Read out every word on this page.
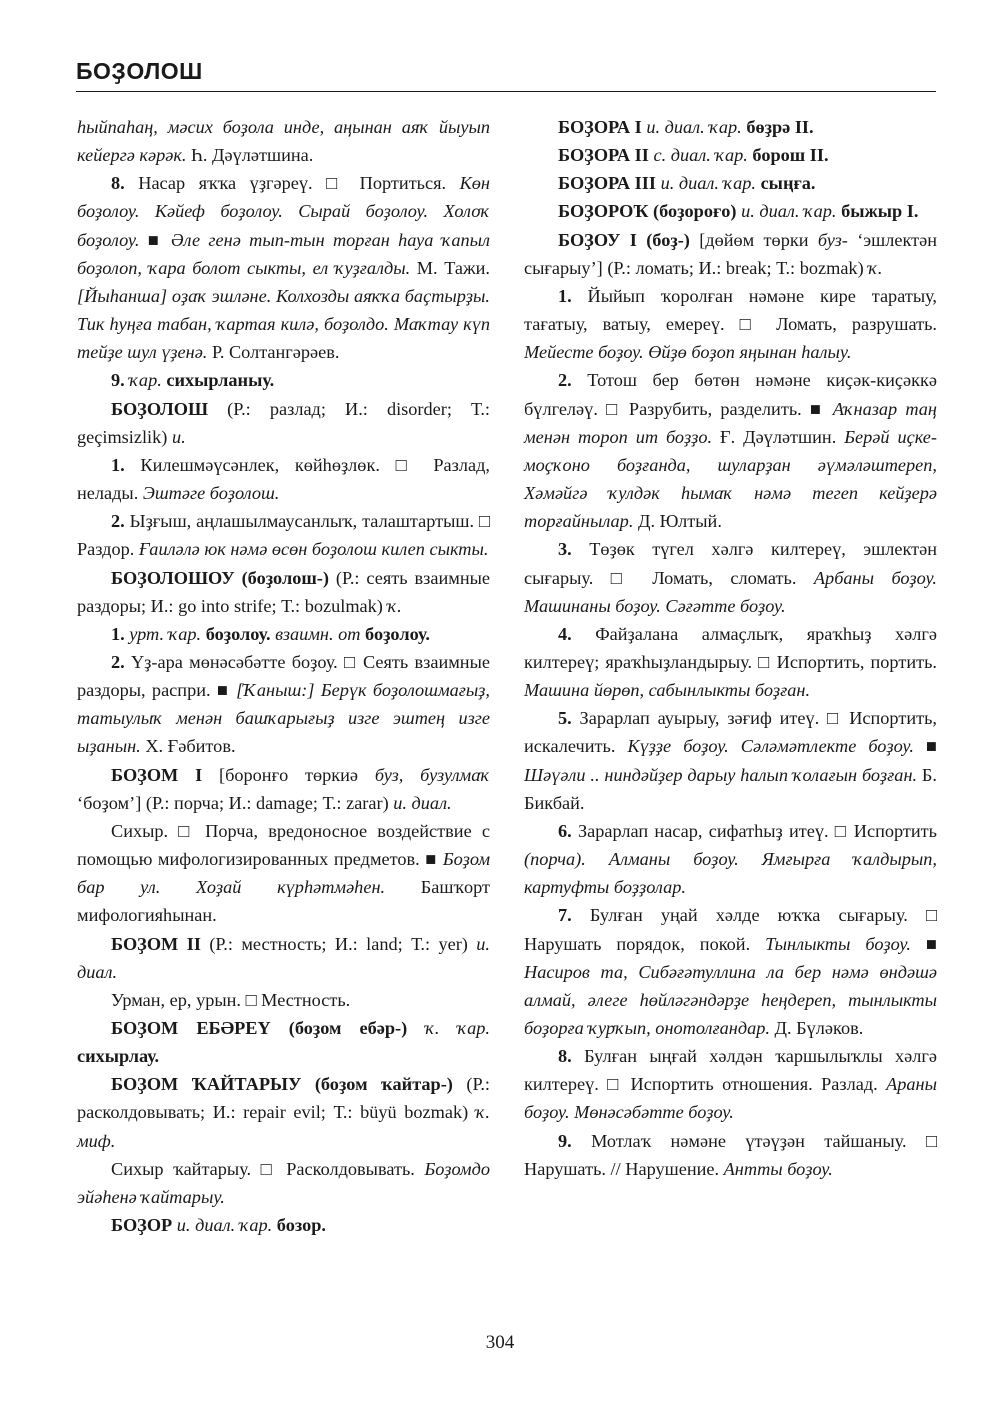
БОҘОЛОШ

һыйпаһаң, мәсих боҙола инде, аңынан аяҡ йыуып кейергә кәрәк. Һ. Дәүләтшина.

8. Насар яҡҡа үҙгәреү. □ Портиться. Көн боҙолоу. Кәйеф боҙолоу. Сырай боҙолоу. Холоҡ боҙолоу. ■ Әле генә тып-тын торған һауа ҡапыл боҙолоп, ҡара болот сыкты, ел ҡуҙғалды. М. Тажи. [Йыһанша] оҙаҡ эшләне. Колхозды аяҡҡа баҫтырҙы. Тик һуңға табан, ҡартая килә, боҙолдо. Маҡтау күп тейҙе шул үҙенә. Р. Солтангәрәев.

9. ҡар. сихырланыу.

БОҘОЛОШ (Р.: разлад; И.: disorder; Т.: geçimsizlik) и.

1. Килешмәүсәнлек, көйһөҙлөк. □ Разлад, нелады. Эштәге боҙолош.

2. Ыҙғыш, аңлашылмаусанлыҡ, талаштартыш. □ Раздор. Ғаиләлә юк нәмә өсөн боҙолош килеп сыкты.

БОҘОЛОШОУ (боҙолош-) (Р.: сеять взаимные раздоры; И.: go into strife; Т.: bozulmak) ҡ.

1. урт. ҡар. боҙолоу. взаимн. от боҙолоу.

2. Үҙ-ара мөнәсәбәтте боҙоу. □ Сеять взаимные раздоры, распри. ■ [Ҡаныш:] Берүк боҙолошмағыҙ, татыулыҡ менән башҡарығыҙ изге эштең изге ыҙанын. Х. Ғәбитов.

БОҘОМ I [боронғо төркиә буз, бузулмаҡ ‘боҙом’] (Р.: порча; И.: damage; Т.: zarar) и. диал.

Сихыр. □ Порча, вредоносное воздействие с помощью мифологизированных предметов. ■ Боҙом бар ул. Хоҙай күрһәтмәһен. Башҡорт мифологияһынан.

БОҘОМ II (Р.: местность; И.: land; Т.: yer) и. диал.

Урман, ер, урын. □ Местность.

БОҘОМ ЕБӘРЕҮ (боҙом ебәр-) ҡ. ҡар. сихырлау.

БОҘОМ ҠАЙТАРЫУ (боҙом ҡайтар-) (Р.: расколдовывать; И.: repair evil; Т.: büyü bozmak) ҡ. миф.

Сихыр ҡайтарыу. □ Расколдовывать. Боҙомдо эйәһенә ҡайтарыу.

БОҘОР и. диал. ҡар. бозор.

БОҘОРА I и. диал. ҡар. бөҙрә II.

БОҘОРА II с. диал. ҡар. борош II.

БОҘОРА III и. диал. ҡар. сыңға.

БОҘОРОҠ (боҙороғо) и. диал. ҡар. быжыр I.

БОҘОУ I (боҙ-) [дөйөм төрки буз- ‘эшлектән сығарыу’] (Р.: ломать; И.: break; Т.: bozmak) ҡ.

1. Йыйып ҡоролған нәмәне кире таратыу, тағатыу, ватыу, емереү. □ Ломать, разрушать. Мейесте боҙоу. Өйҙө боҙоп яңынан һалыу.

2. Тотош бер бөтөн нәмәне киҫәк-киҫәккә бүлгеләү. □ Разрубить, разделить. ■ Аҡназар таң менән тороп ит боҙҙо. Ғ. Дәүләтшин. Берәй иҫке-моҫҡоно боҙғанда, шуларҙан әүмәләштереп, Хәмәйгә ҡулдәк һымаҡ нәмә тегеп кейҙерә торғайнылар. Д. Юлтый.

3. Төҙөк түгел хәлгә килтереү, эшлектән сығарыу. □ Ломать, сломать. Арбаны боҙоу. Машинаны боҙоу. Сәғәтте боҙоу.

4. Файҙалана алмаҫлыҡ, яраҡһыҙ хәлгә килтереү; яраҡһыҙландырыу. □ Испортить, портить. Машина йөрөп, сабынлыкты боҙған.

5. Зарарлап ауырыу, зәғиф итеү. □ Испортить, искалечить. Күҙҙе боҙоу. Сәләмәтлекте боҙоу. ■ Шәүәли .. ниндәйҙер дарыу һалып ҡолағын боҙған. Б. Бикбай.

6. Зарарлап насар, сифатһыҙ итеү. □ Испортить (порча). Алманы боҙоу. Ямғырға ҡалдырып, картуфты боҙҙолар.

7. Булған уңай хәлде юҡҡа сығарыу. □ Нарушать порядок, покой. Тынлыкты боҙоу. ■ Насиров та, Сибәғәтуллина ла бер нәмә өндәшә алмай, әлеге һөйләгәндәрҙе һеңдереп, тынлыкты боҙорға ҡурҡып, онотолғандар. Д. Бүләков.

8. Булған ыңғай хәлдән ҡаршылыҡлы хәлгә килтереү. □ Испортить отношения. Разлад. Араны боҙоу. Мөнәсәбәтте боҙоу.

9. Мотлаҡ нәмәне үтәүҙән тайшаныу. □ Нарушать. // Нарушение. Антты боҙоу.

304
